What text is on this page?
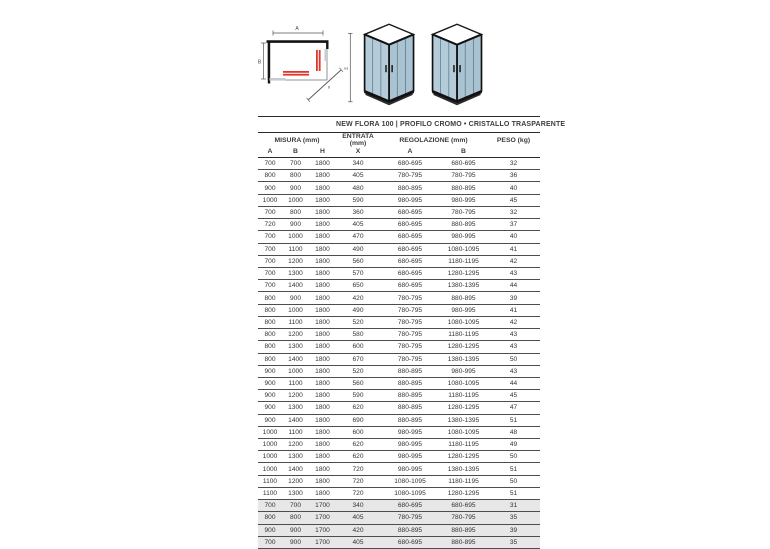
A
B
x
H
NEW FLORA 100 | PROFILO CROMO • CRISTALLO TRASPARENTE
MISURA (mm)	ENTRATA (mm)	REGOLAZIONE (mm)	PESO (kg)
A	B	H	X	A	B
700	700	1800	340	680-695	680-695	32
800	800	1800	405	780-795	780-795	36
900	900	1800	480	880-895	880-895	40
1000	1000	1800	590	980-995	980-995	45
700	800	1800	360	680-695	780-795	32
720	900	1800	405	680-695	880-895	37
700	1000	1800	470	680-695	980-995	40
700	1100	1800	490	680-695	1080-1095	41
700	1200	1800	560	680-695	1180-1195	42
700	1300	1800	570	680-695	1280-1295	43
700	1400	1800	650	680-695	1380-1395	44
800	900	1800	420	780-795	880-895	39
800	1000	1800	490	780-795	980-995	41
800	1100	1800	520	780-795	1080-1095	42
800	1200	1800	580	780-795	1180-1195	43
800	1300	1800	600	780-795	1280-1295	43
800	1400	1800	670	780-795	1380-1395	50
900	1000	1800	520	880-895	980-995	43
900	1100	1800	560	880-895	1080-1095	44
900	1200	1800	590	880-895	1180-1195	45
900	1300	1800	620	880-895	1280-1295	47
900	1400	1800	690	880-895	1380-1395	51
1000	1100	1800	600	980-995	1080-1095	48
1000	1200	1800	620	980-995	1180-1195	49
1000	1300	1800	620	980-995	1280-1295	50
1000	1400	1800	720	980-995	1380-1395	51
1100	1200	1800	720	1080-1095	1180-1195	50
1100	1300	1800	720	1080-1095	1280-1295	51
700	700	1700	340	680-695	680-695	31
800	800	1700	405	780-795	780-795	35
900	900	1700	420	880-895	880-895	39
700	900	1700	405	680-695	880-895	35
